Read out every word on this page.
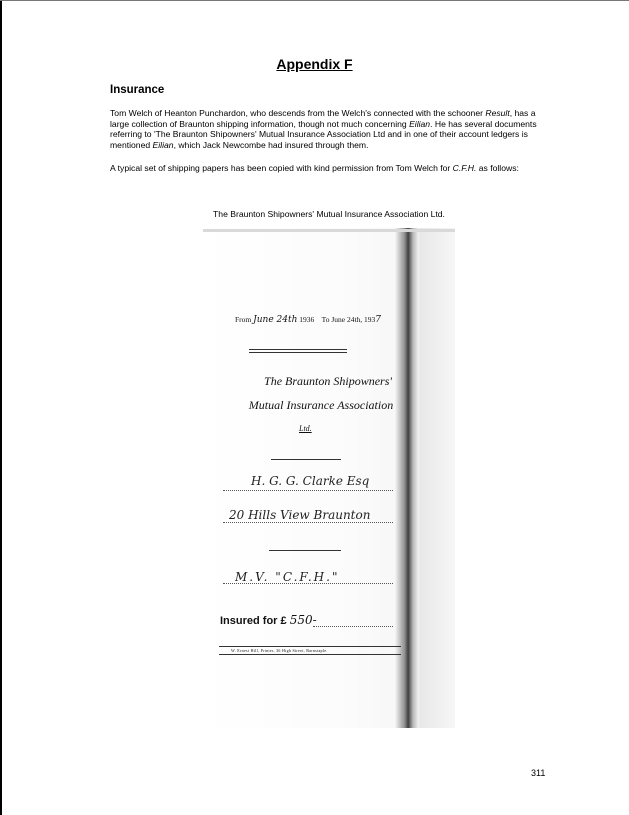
Appendix F
Insurance
Tom Welch of Heanton Punchardon, who descends from the Welch's connected with the schooner Result, has a large collection of Braunton shipping information, though not much concerning Eilian. He has several documents referring to 'The Braunton Shipowners' Mutual Insurance Association Ltd and in one of their account ledgers is mentioned Eilian, which Jack Newcombe had insured through them.
A typical set of shipping papers has been copied with kind permission from Tom Welch for C.F.H. as follows:
The Braunton Shipowners' Mutual Insurance Association Ltd.
From June 24th 1936 To June 24th, 1937
The Braunton Shipowners'
Mutual Insurance Association
Ltd.
H. G. G. Clarke Esq
20 Hills View Braunton
M.V. "C.F.H."
Insured for £ 550-
W. Ernest Hill, Printer, 36 High Street, Barnstaple.
311
